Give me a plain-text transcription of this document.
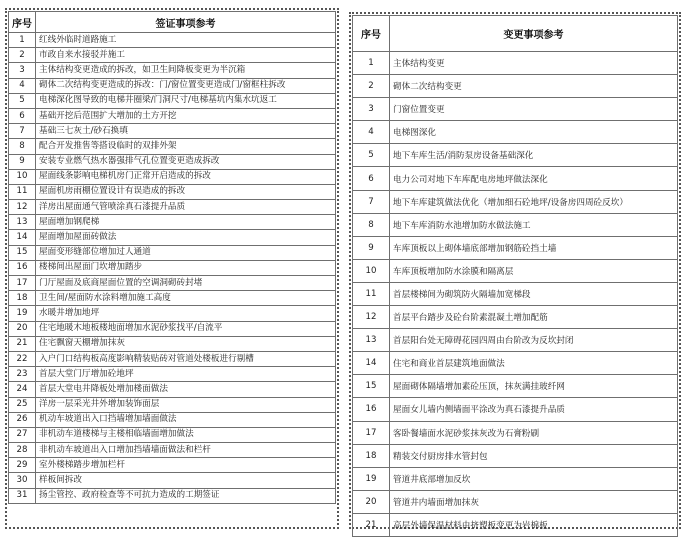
序号	签证事项参考
1	红线外临时道路施工
2	市政自来水接驳并施工
3	主体结构变更造成的拆改，如卫生间降板变更为半沉箱
4	砌体二次结构变更造成的拆改：门/窗位置变更造成门/窗框柱拆改
5	电梯深化图导致的电梯井圈梁/门洞尺寸/电梯基坑内集水坑返工
6	基础开挖后范围扩大增加的土方开挖
7	基础三七灰土/砂石换填
8	配合开发推售等搭设临时的双排外架
9	安装专业燃气热水器强排气孔位置变更造成拆改
10	屋面线条影响电梯机房门正常开启造成的拆改
11	屋面机房雨棚位置设计有误造成的拆改
12	洋房出屋面通气管喷涂真石漆提升品质
13	屋面增加钢爬梯
14	屋面增加屋面砖做法
15	屋面变形缝部位增加过人通道
16	楼梯间出屋面门坎增加踏步
17	门厅屋面及底商屋面位置的空调洞砌砖封堵
18	卫生间/屋面防水涂料增加施工高度
19	水暖井增加地坪
20	住宅地暖木地板楼地面增加水泥砂浆找平/自流平
21	住宅飘窗天棚增加抹灰
22	入户门口结构板高度影响精装贴砖对管道处楼板进行剔槽
23	首层大堂门厅增加砼地坪
24	首层大堂电井降板处增加楼面做法
25	洋房一层采光井外增加装饰面层
26	机动车坡道出入口挡墙增加墙面做法
27	非机动车道楼梯与主楼相临墙面增加做法
28	非机动车坡道出入口增加挡墙墙面做法和栏杆
29	室外楼梯踏步增加栏杆
30	样板间拆改
31	扬尘管控、政府检查等不可抗力造成的工期签证
序号	变更事项参考
1	主体结构变更
2	砌体二次结构变更
3	门窗位置变更
4	电梯图深化
5	地下车库生活/消防泵房设备基础深化
6	电力公司对地下车库配电房地坪做法深化
7	地下车库建筑做法优化（增加细石砼地坪/设备房四周砼反坎）
8	地下车库消防水池增加防水做法施工
9	车库顶板以上砌体墙底部增加钢筋砼挡土墙
10	车库顶板增加防水涂膜和隔离层
11	首层楼梯间为砌筑防火隔墙加宽梯段
12	首层平台踏步及砼台阶素混凝土增加配筋
13	首层阳台处无障碍花园四周由台阶改为反坎封闭
14	住宅和商业首层建筑地面做法
15	屋面砌体隔墙增加素砼压顶，抹灰满挂玻纤网
16	屋面女儿墙内侧墙面平涂改为真石漆提升品质
17	客卧餐墙面水泥砂浆抹灰改为石膏粉刷
18	精装交付厨房排水管封包
19	管道井底部增加反坎
20	管道井内墙面增加抹灰
21	高层外墙保温材料由挤塑板变更为岩棉板
